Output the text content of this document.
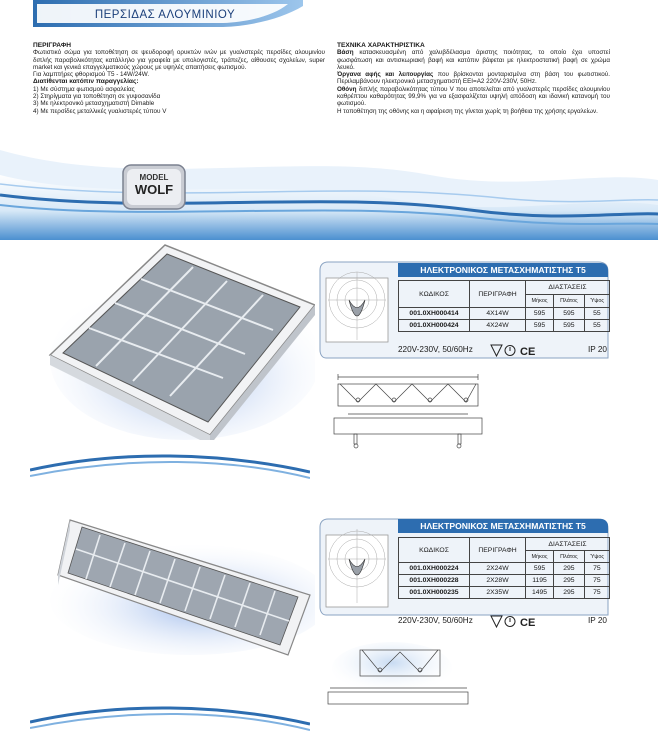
ΠΕΡΣΙΔΑΣ ΑΛΟΥΜΙΝΙΟΥ
ΠΕΡΙΓΡΑΦΗ
Φωτιστικό σώμα για τοποθέτηση σε ψευδοροφή ορυκτών ινών με γυαλιστερές περσίδες αλουμινίου διπλής παραβολικότητας κατάλληλο για γραφεία με υπολογιστές, τράπεζες, αίθουσες σχολείων, super market και γενικά επαγγελματικούς χώρους με υψηλές απαιτήσεις φωτισμού.
Για λαμπτήρες φθορισμού T5 - 14W/24W.
Διατίθενται κατόπιν παραγγελίας:
1) Με σύστημα φωτισμού ασφαλείας
2) Στηρίγματα για τοποθέτηση σε γυψοσανίδα
3) Με ηλεκτρονικό μετασχηματιστή Dimable
4) Με περσίδες μεταλλικές γυαλιστερές τύπου V
ΤΕΧΝΙΚΑ ΧΑΡΑΚΤΗΡΙΣΤΙΚΑ
Βάση κατασκευασμένη από χαλυβδέλασμα άριστης ποιότητας, το οποίο έχει υποστεί φωσφάτωση και αντισκωριακή βαφή και κατόπιν βάφεται με ηλεκτροστατική βαφή σε χρώμα λευκό.
Όργανα αφής και λειτουργίας που βρίσκονται μονταρισμένα στη βάση του φωτιστικού. Περιλαμβάνουν ηλεκτρονικό μετασχηματιστή EEI=A2 220V-230V, 50Hz.
Οθόνη διπλής παραβολικότητας τύπου V που αποτελείται από γυαλιστερές περσίδες αλουμινίου καθρέπτου καθαρότητας 99,9% για να εξασφαλίζεται υψηλή απόδοση και ιδανική κατανομή του φωτισμού.
Η τοποθέτηση της οθόνης και η αφαίρεση της γίνεται χωρίς τη βοήθεια της χρήσης εργαλείων.
MODEL
WOLF
ΗΛΕΚΤΡΟΝΙΚΟΣ ΜΕΤΑΣΧΗΜΑΤΙΣΤΗΣ T5
ΚΩΔΙΚΟΣ	ΠΕΡΙΓΡΑΦΗ	ΔΙΑΣΤΑΣΕΙΣ		
		Μήκος	Πλάτος	Ύψος
001.0XH000414	4X14W	595	595	55
001.0XH000424	4X24W	595	595	55
220V-230V, 50/60Hz	CE	IP 20
ΗΛΕΚΤΡΟΝΙΚΟΣ ΜΕΤΑΣΧΗΜΑΤΙΣΤΗΣ T5
ΚΩΔΙΚΟΣ	ΠΕΡΙΓΡΑΦΗ	ΔΙΑΣΤΑΣΕΙΣ		
		Μήκος	Πλάτος	Ύψος
001.0XH000224	2X24W	595	295	75
001.0XH000228	2X28W	1195	295	75
001.0XH000235	2X35W	1495	295	75
220V-230V, 50/60Hz	CE	IP 20
